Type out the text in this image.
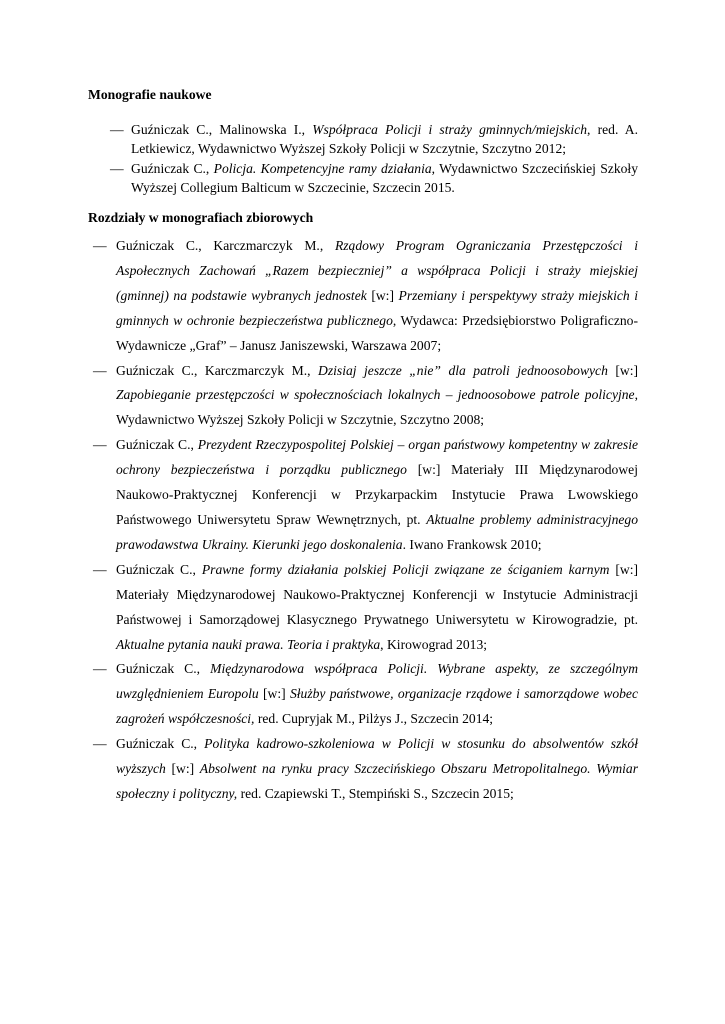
Monografie naukowe
— Guźniczak C., Malinowska I., Współpraca Policji i straży gminnych/miejskich, red. A. Letkiewicz, Wydawnictwo Wyższej Szkoły Policji w Szczytnie, Szczytno 2012;
— Guźniczak C., Policja. Kompetencyjne ramy działania, Wydawnictwo Szczecińskiej Szkoły Wyższej Collegium Balticum w Szczecinie, Szczecin 2015.
Rozdziały w monografiach zbiorowych
— Guźniczak C., Karczmarczyk M., Rządowy Program Ograniczania Przestępczości i Aspołecznych Zachowań „Razem bezpieczniej” a współpraca Policji i straży miejskiej (gminnej) na podstawie wybranych jednostek [w:] Przemiany i perspektywy straży miejskich i gminnych w ochronie bezpieczeństwa publicznego, Wydawca: Przedsiębiorstwo Poligraficzno-Wydawnicze „Graf” – Janusz Janiszewski, Warszawa 2007;
— Guźniczak C., Karczmarczyk M., Dzisiaj jeszcze „nie” dla patroli jednoosobowych [w:] Zapobieganie przestępczości w społecznościach lokalnych – jednoosobowe patrole policyjne, Wydawnictwo Wyższej Szkoły Policji w Szczytnie, Szczytno 2008;
— Guźniczak C., Prezydent Rzeczypospolitej Polskiej – organ państwowy kompetentny w zakresie ochrony bezpieczeństwa i porządku publicznego [w:] Materiały III Międzynarodowej Naukowo-Praktycznej Konferencji w Przykarpackim Instytucie Prawa Lwowskiego Państwowego Uniwersytetu Spraw Wewnętrznych, pt. Aktualne problemy administracyjnego prawodawstwa Ukrainy. Kierunki jego doskonalenia. Iwano Frankowsk 2010;
— Guźniczak C., Prawne formy działania polskiej Policji związane ze ściganiem karnym [w:] Materiały Międzynarodowej Naukowo-Praktycznej Konferencji w Instytucie Administracji Państwowej i Samorządowej Klasycznego Prywatnego Uniwersytetu w Kirowogradzie, pt. Aktualne pytania nauki prawa. Teoria i praktyka, Kirowograd 2013;
— Guźniczak C., Międzynarodowa współpraca Policji. Wybrane aspekty, ze szczególnym uwzględnieniem Europolu [w:] Służby państwowe, organizacje rządowe i samorządowe wobec zagrożeń współczesności, red. Cupryjak M., Pilżys J., Szczecin 2014;
— Guźniczak C., Polityka kadrowo-szkoleniowa w Policji w stosunku do absolwentów szkół wyższych [w:] Absolwent na rynku pracy Szczecińskiego Obszaru Metropolitalnego. Wymiar społeczny i polityczny, red. Czapiewski T., Stempiński S., Szczecin 2015;
